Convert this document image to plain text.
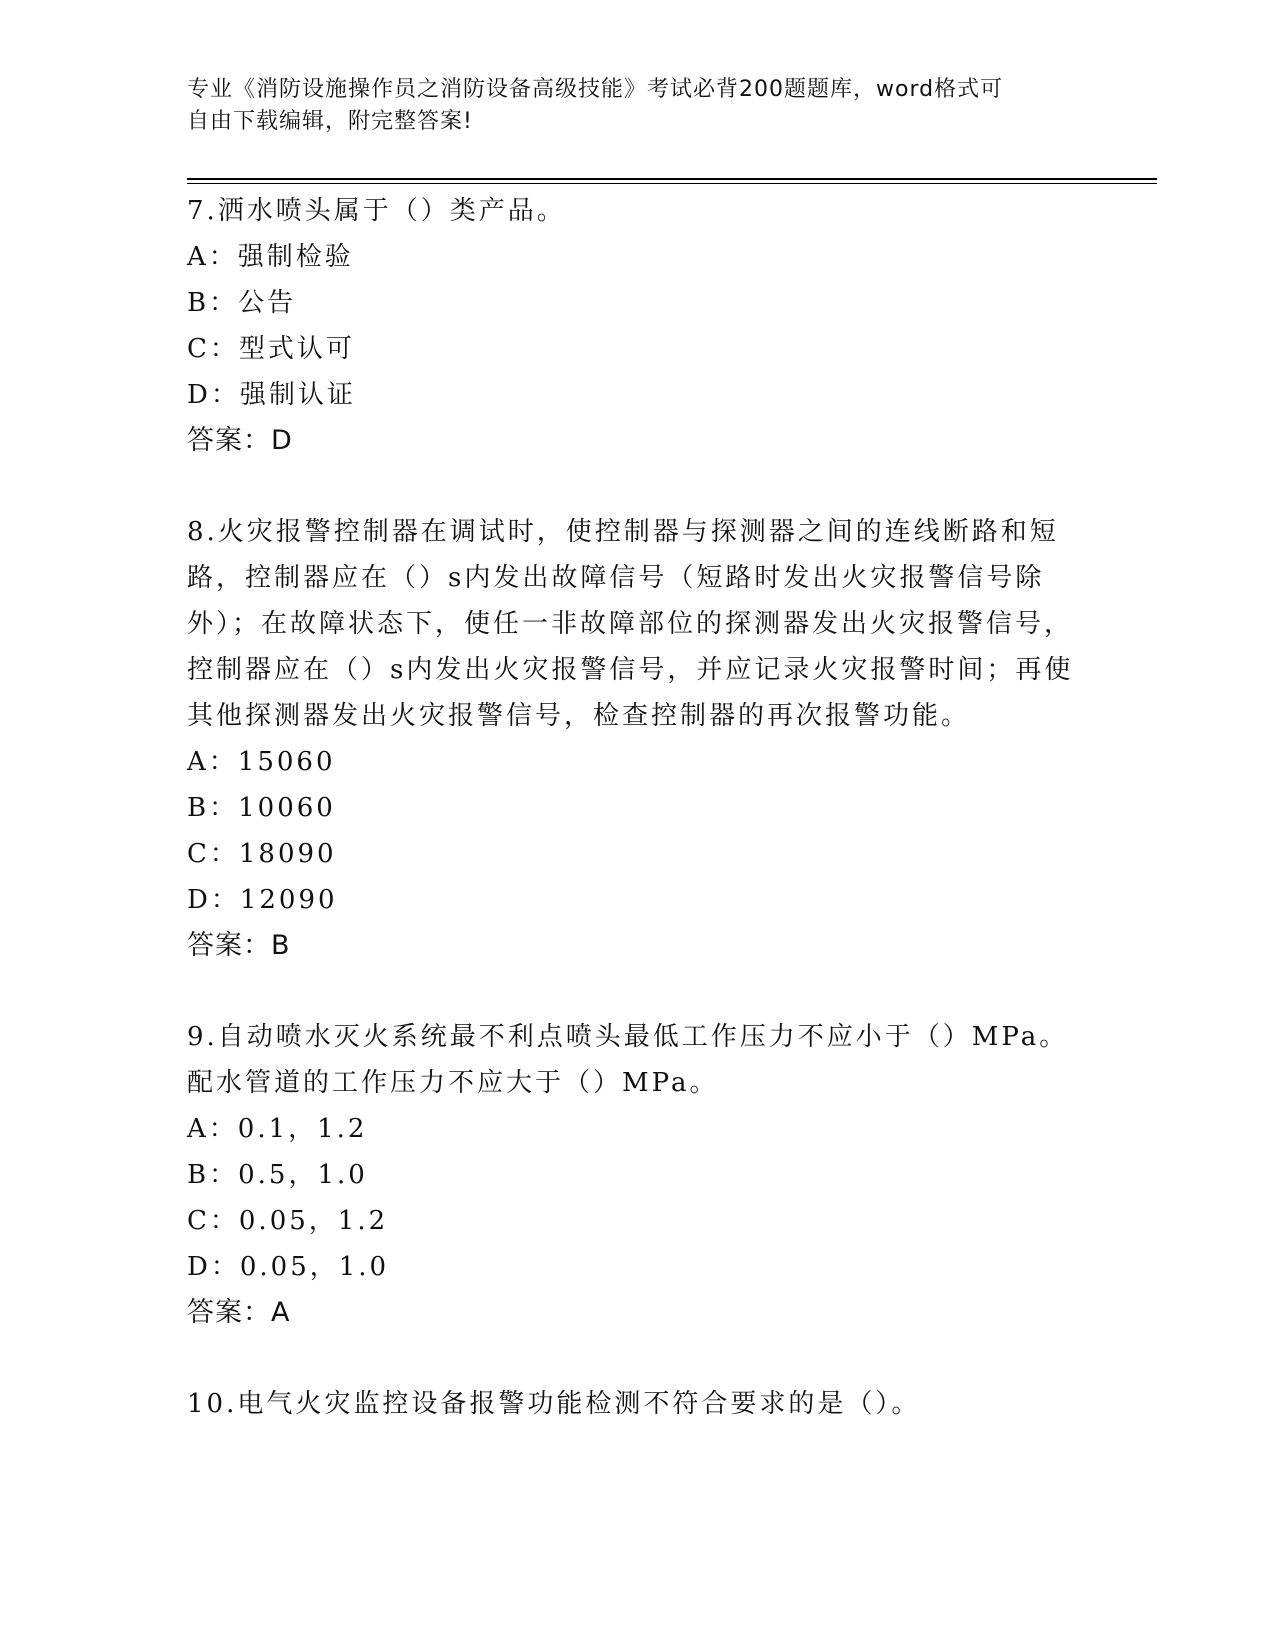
专业《消防设施操作员之消防设备高级技能》考试必背200题题库，word格式可
自由下载编辑，附完整答案!

7.洒水喷头属于（）类产品。

A：强制检验

B：公告

C：型式认可

D：强制认证

答案：D

8.火灾报警控制器在调试时，使控制器与探测器之间的连线断路和短路，控制器应在（）s内发出故障信号（短路时发出火灾报警信号除外）；在故障状态下，使任一非故障部位的探测器发出火灾报警信号，控制器应在（）s内发出火灾报警信号，并应记录火灾报警时间；再使其他探测器发出火灾报警信号，检查控制器的再次报警功能。

A：15060

B：10060

C：18090

D：12090

答案：B

9.自动喷水灭火系统最不利点喷头最低工作压力不应小于（）MPa。配水管道的工作压力不应大于（）MPa。

A：0.1，1.2

B：0.5，1.0

C：0.05，1.2

D：0.05，1.0

答案：A

10.电气火灾监控设备报警功能检测不符合要求的是（）。
